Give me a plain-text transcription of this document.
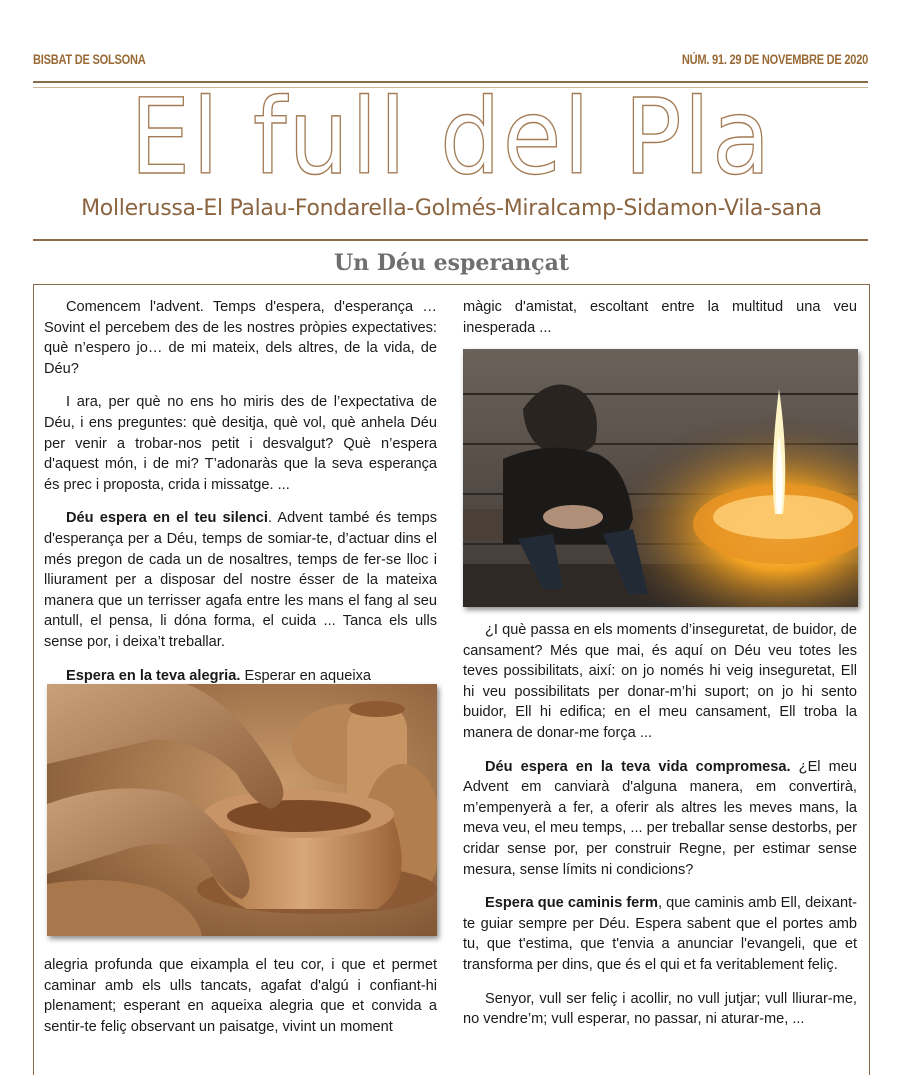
BISBAT DE SOLSONA	NÚM. 91. 29 DE NOVEMBRE DE 2020
El full del Pla
Mollerussa-El Palau-Fondarella-Golmés-Miralcamp-Sidamon-Vila-sana
Un Déu esperançat

Comencem l'advent. Temps d'espera, d'esperança … Sovint el percebem des de les nostres pròpies expectatives: què n’espero jo… de mi mateix, dels altres, de la vida, de Déu?

I ara, per què no ens ho miris des de l’expectativa de Déu, i ens preguntes: què desitja, què vol, què anhela Déu per venir a trobar-nos petit i desvalgut? Què n’espera d'aquest món, i de mi? T’adonaràs que la seva esperança és prec i proposta, crida i missatge. ...

Déu espera en el teu silenci. Advent també és temps d'esperança per a Déu, temps de somiar-te, d’actuar dins el més pregon de cada un de nosaltres, temps de fer-se lloc i lliurament per a disposar del nostre ésser de la mateixa manera que un terrisser agafa entre les mans el fang al seu antull, el pensa, li dóna forma, el cuida ... Tanca els ulls sense por, i deixa’t treballar.

Espera en la teva alegria. Esperar en aqueixa

alegria profunda que eixampla el teu cor, i que et permet caminar amb els ulls tancats, agafat d'algú i confiant-hi plenament; esperant en aqueixa alegria que et convida a sentir-te feliç observant un paisatge, vivint un moment

màgic d'amistat, escoltant entre la multitud una veu inesperada ...

¿I què passa en els moments d’inseguretat, de buidor, de cansament? Més que mai, és aquí on Déu veu totes les teves possibilitats, així: on jo només hi veig inseguretat, Ell hi veu possibilitats per donar-m’hi suport; on jo hi sento buidor, Ell hi edifica; en el meu cansament, Ell troba la manera de donar-me força ...

Déu espera en la teva vida compromesa. ¿El meu Advent em canviarà d'alguna manera, em convertirà, m’empenyerà a fer, a oferir als altres les meves mans, la meva veu, el meu temps, ... per treballar sense destorbs, per cridar sense por, per construir Regne, per estimar sense mesura, sense límits ni condicions?

Espera que caminis ferm, que caminis amb Ell, deixant-te guiar sempre per Déu. Espera sabent que el portes amb tu, que t'estima, que t'envia a anunciar l'evangeli, que et transforma per dins, que és el qui et fa veritablement feliç.

Senyor, vull ser feliç i acollir, no vull jutjar; vull lliurar-me, no vendre’m; vull esperar, no passar, ni aturar-me, ...
